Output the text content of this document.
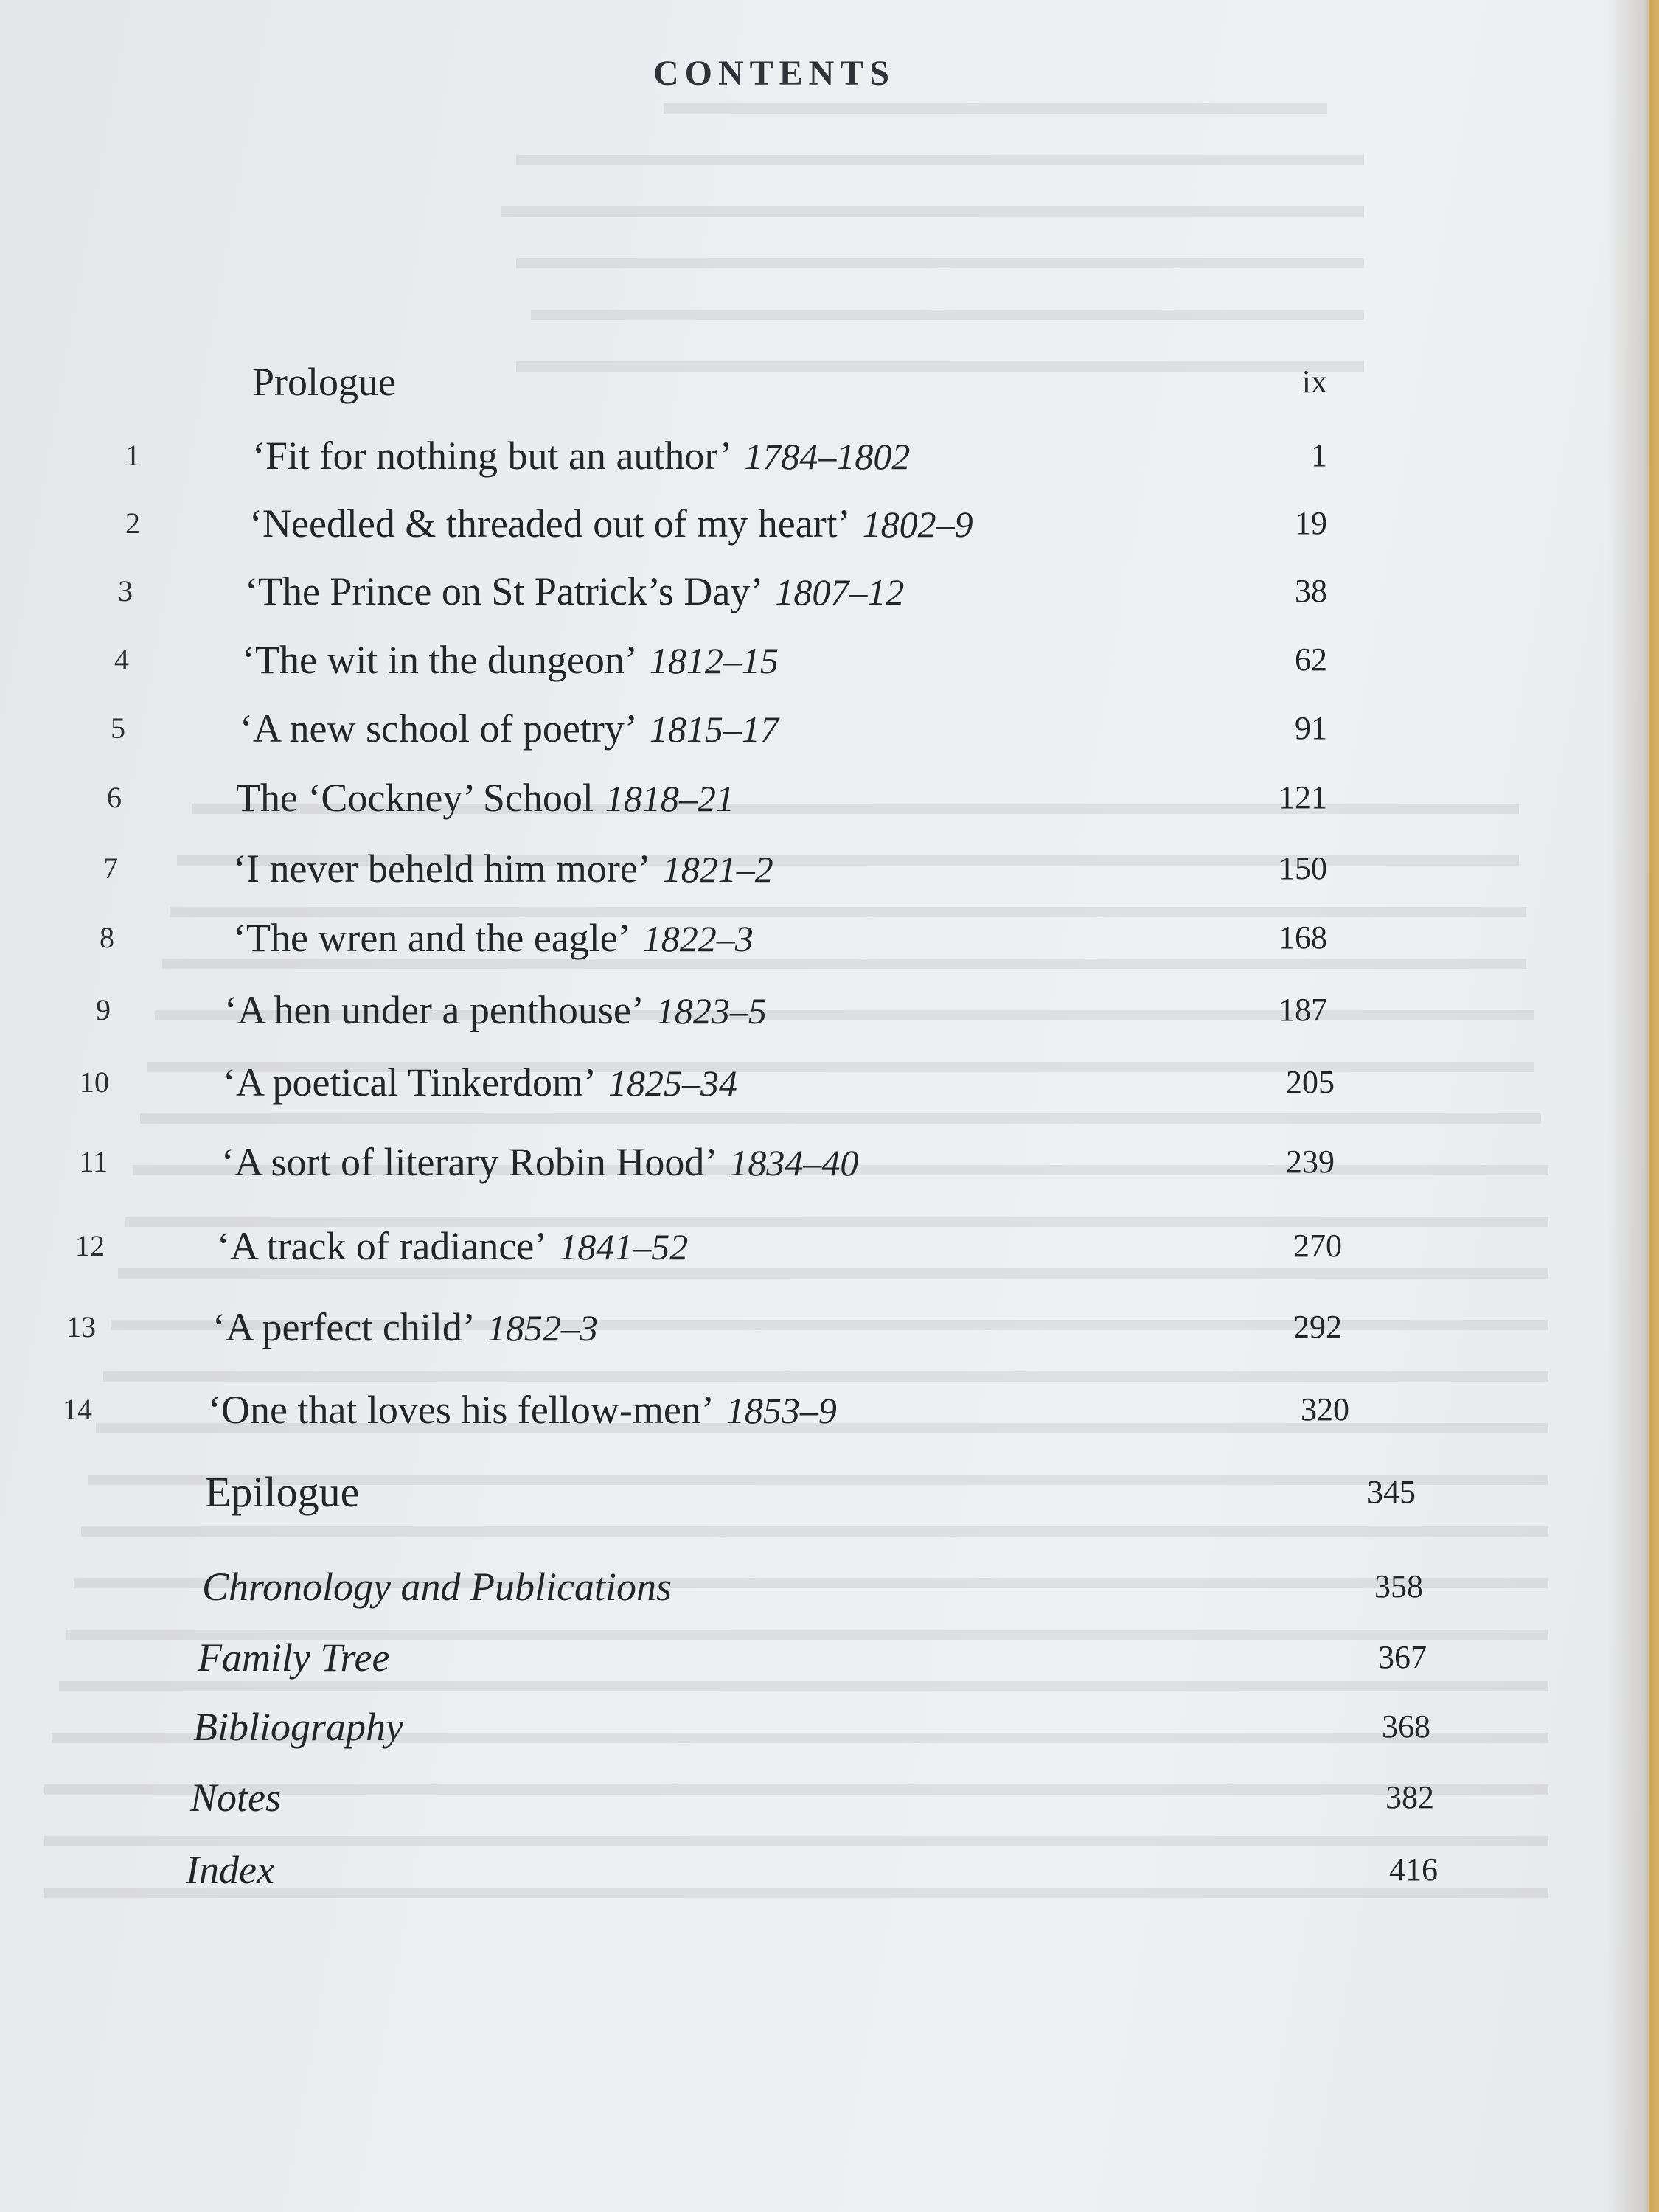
CONTENTS
Prologue	ix
1	‘Fit for nothing but an author’ 1784–1802	1
2	‘Needled & threaded out of my heart’ 1802–9	19
3	‘The Prince on St Patrick’s Day’ 1807–12	38
4	‘The wit in the dungeon’ 1812–15	62
5	‘A new school of poetry’ 1815–17	91
6	The ‘Cockney’ School 1818–21	121
7	‘I never beheld him more’ 1821–2	150
8	‘The wren and the eagle’ 1822–3	168
9	‘A hen under a penthouse’ 1823–5	187
10	‘A poetical Tinkerdom’ 1825–34	205
11	‘A sort of literary Robin Hood’ 1834–40	239
12	‘A track of radiance’ 1841–52	270
13	‘A perfect child’ 1852–3	292
14	‘One that loves his fellow-men’ 1853–9	320
Epilogue	345
Chronology and Publications	358
Family Tree	367
Bibliography	368
Notes	382
Index	416
